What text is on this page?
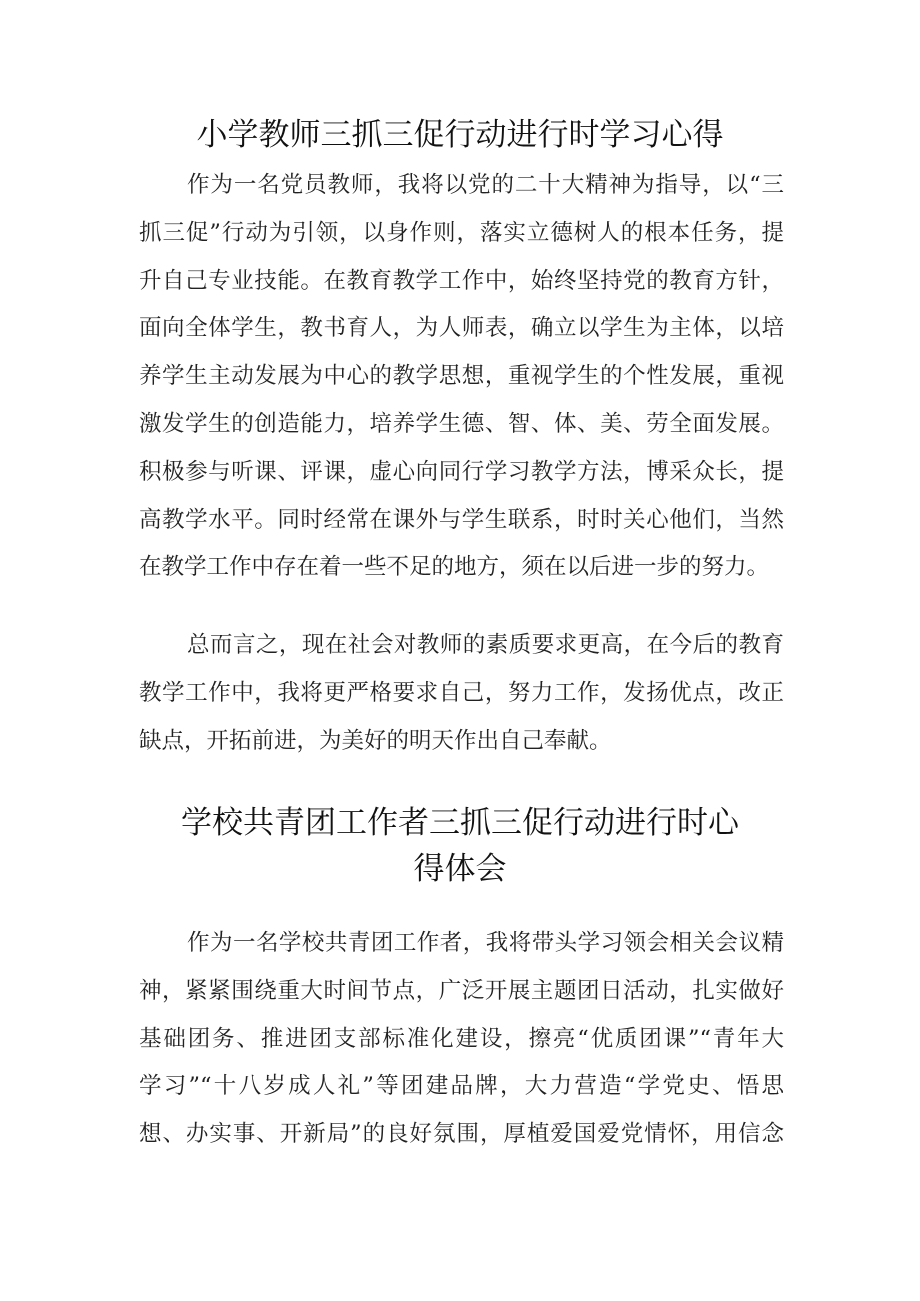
小学教师三抓三促行动进行时学习心得
作为一名党员教师，我将以党的二十大精神为指导，以“三
抓三促”行动为引领，以身作则，落实立德树人的根本任务，提
升自己专业技能。在教育教学工作中，始终坚持党的教育方针，
面向全体学生，教书育人，为人师表，确立以学生为主体，以培
养学生主动发展为中心的教学思想，重视学生的个性发展，重视
激发学生的创造能力，培养学生德、智、体、美、劳全面发展。
积极参与听课、评课，虚心向同行学习教学方法，博采众长，提
高教学水平。同时经常在课外与学生联系，时时关心他们，当然
在教学工作中存在着一些不足的地方，须在以后进一步的努力。
总而言之，现在社会对教师的素质要求更高，在今后的教育
教学工作中，我将更严格要求自己，努力工作，发扬优点，改正
缺点，开拓前进，为美好的明天作出自己奉献。
学校共青团工作者三抓三促行动进行时心
得体会
作为一名学校共青团工作者，我将带头学习领会相关会议精
神，紧紧围绕重大时间节点，广泛开展主题团日活动，扎实做好
基础团务、推进团支部标准化建设，擦亮“优质团课”“青年大
学习”“十八岁成人礼”等团建品牌，大力营造“学党史、悟思
想、办实事、开新局”的良好氛围，厚植爱国爱党情怀，用信念
